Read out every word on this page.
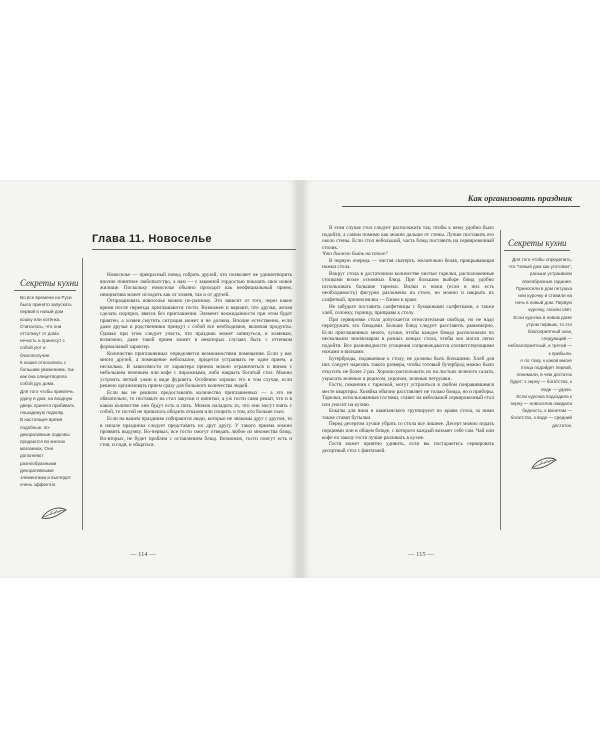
Как организовать праздник
Глава 11. Новоселье
Секреты кухни

Во все времена на Руси было принято запускать первой в новый дом кошку или котёнка. Считалось, что они оттолкнут от дома нечисть и принесут с собой уют и благополучие.

К кошке относились с большим уважением, так как она олицетворяла собой дух дома.

Для того чтобы привлечь удачу в дом, на входную дверь принято прибивать лошадиную подкову.

В настоящее время подобные, по-декоративные подковы продаются во многих магазинах. Они дополняют разнообразными декоративными элементами и выглядят очень эффектно.

Новоселье — прекрасный повод собрать друзей, что позволяет не удовлетворить вполне понятное любопытство, а нам — с законной гордостью показать свое новое жилище. Поскольку новоселье обычно проходит как неофициальный прием, инициатива может исходить как от хозяев, так и от друзей.

Отпраздновать новоселье можно по-разному. Это зависит от того, через какое время после переезда приглашаются гости. Возможен и вариант, что друзья, желая сделать сюрприз, явятся без приглашения. Элемент неожиданности при этом будет приятен, а хозяев смутить ситуация может и не должна. Вполне естественно, если даже друзья и родственники приедут с собой все необходимое, включая продукты. Однако при этом следует учесть, что праздник может затянуться, и хозяевам, возможно, даже такой прием может в некоторых случаях быть с оттенком формальный характер.

Количество приглашенных определяется возможностями помещения. Если у вас много друзей, а помещение небольшое, придется устраивать не один прием, а несколько. В зависимости от характера приема можно ограничиться и вином с небольшим печеньем или кофе с пирожными, либо накрыть богатый стол. Можно устроить легкий ужин в виде фуршета. Особенно хорошо это в том случае, если решено организовать прием сразу для большого количества людей.

Если вы не решили предоставлять количество приглашенных — а это не обязательно, то поставьте на стол закуски и напитки, а уж гости сами решат, что и в каком количестве они будут есть и пить. Можно наладить то, что они могут взять с собой, то гостей не пришлось обидеть отказом или спорить о том, кто больше съел.

Если на вашем празднике собираются люди, которые не знакомы друг с другом, то в начале праздника следует представить их друг другу. У такого приема можно проявить выдумку. Во-первых, все гости смогут отведать любое из множества блюд. Во-вторых, не будет проблем с оставлением блюд. Возможно, гости смогут есть и стоя, и сидя, и общаться.

— 114 —

В этом случае стол следует расположить так, чтобы к нему удобно было подойти, а самом помимо как можно дальше от стены. Лучше поставить его около стены. Если стол небольшой, часть блюд поставить на сервировочный столик.

Что должно быть на столе?

В первую очередь — чистая скатерть, желательно белая, прикрывающая ножки стола.

Вокруг стола в достаточном количестве чистые тарелки, расположенные стопками возле основных блюд. При большом выборе блюд удобно использовать большие тарелки. Вилки и ножи (если в них есть необходимость) фигурно разложены на столе, но можно и накрыть их салфеткой, причем вилки — ближе к краю.

Не забудьте поставить салфетницы с бумажными салфетками, а также хлеб, солонку, горчицу, приправы к столу.

При сервировке стола допускается относительная свобода, но не надо перегружать его блюдами. Больше блюд следует расставить равномерно. Если приглашенных много, лучше, чтобы каждое блюдо расположили по нескольким экземплярам в разных концах стола, чтобы все могли легко подойти. Все разновидности угощения сопровождаются соответствующими ножами и вилками.

Бутерброды, подаваемые к столу, не должны быть большими. Хлеб для них следует нарезать такого размера, чтобы готовый бутерброд можно было откусить не более 2 раз. Хорошо расположить их на листьях зеленого салата, украсить зеленью и редисом, укропом, зеленью петрушки.

Гости, покончив с тарелкой, могут устроиться в любом понравившемся месте квартиры. Хозяйка обычно расставляет не только блюда, но и приборы. Тарелки, использованные гостями, ставит на небольшой сервировочный стол или уносит на кухню.

Бокалы для вина и шампанского группируют по краям стола, за ними также ставят бутылки.

Перед десертом лучше убрать со стола все лишнее. Десерт можно подать порциями или в общем блюде, с которого каждый возьмет себе сам. Чай или кофе по заказу гостя лучше разливать в кухне.

Гостя может приятно удивить, если вы постараетесь сервировать десертный стол с фантазией.

— 115 —
Секреты кухни

Для того чтобы определить, что "новый дом как уготован", раньше устраивали своеобразные гадания.

Приносили в дом петушка или курочку и ставили на ночь в новый дом. Первую курочку, гасили свет.

Если курочка в новом доме утром первым, то это благоприятный знак, следующий — неблагоприятный, а третий — к прибыли.

А по тому, к какой миске птица подойдет первой, понимали, в чем достаток будет: к зерну — богатство, к воде — удача.

Если курочка подходила к зерну — новоселов ожидала бедность, к монетам — богатство, к воде — средний достаток.
